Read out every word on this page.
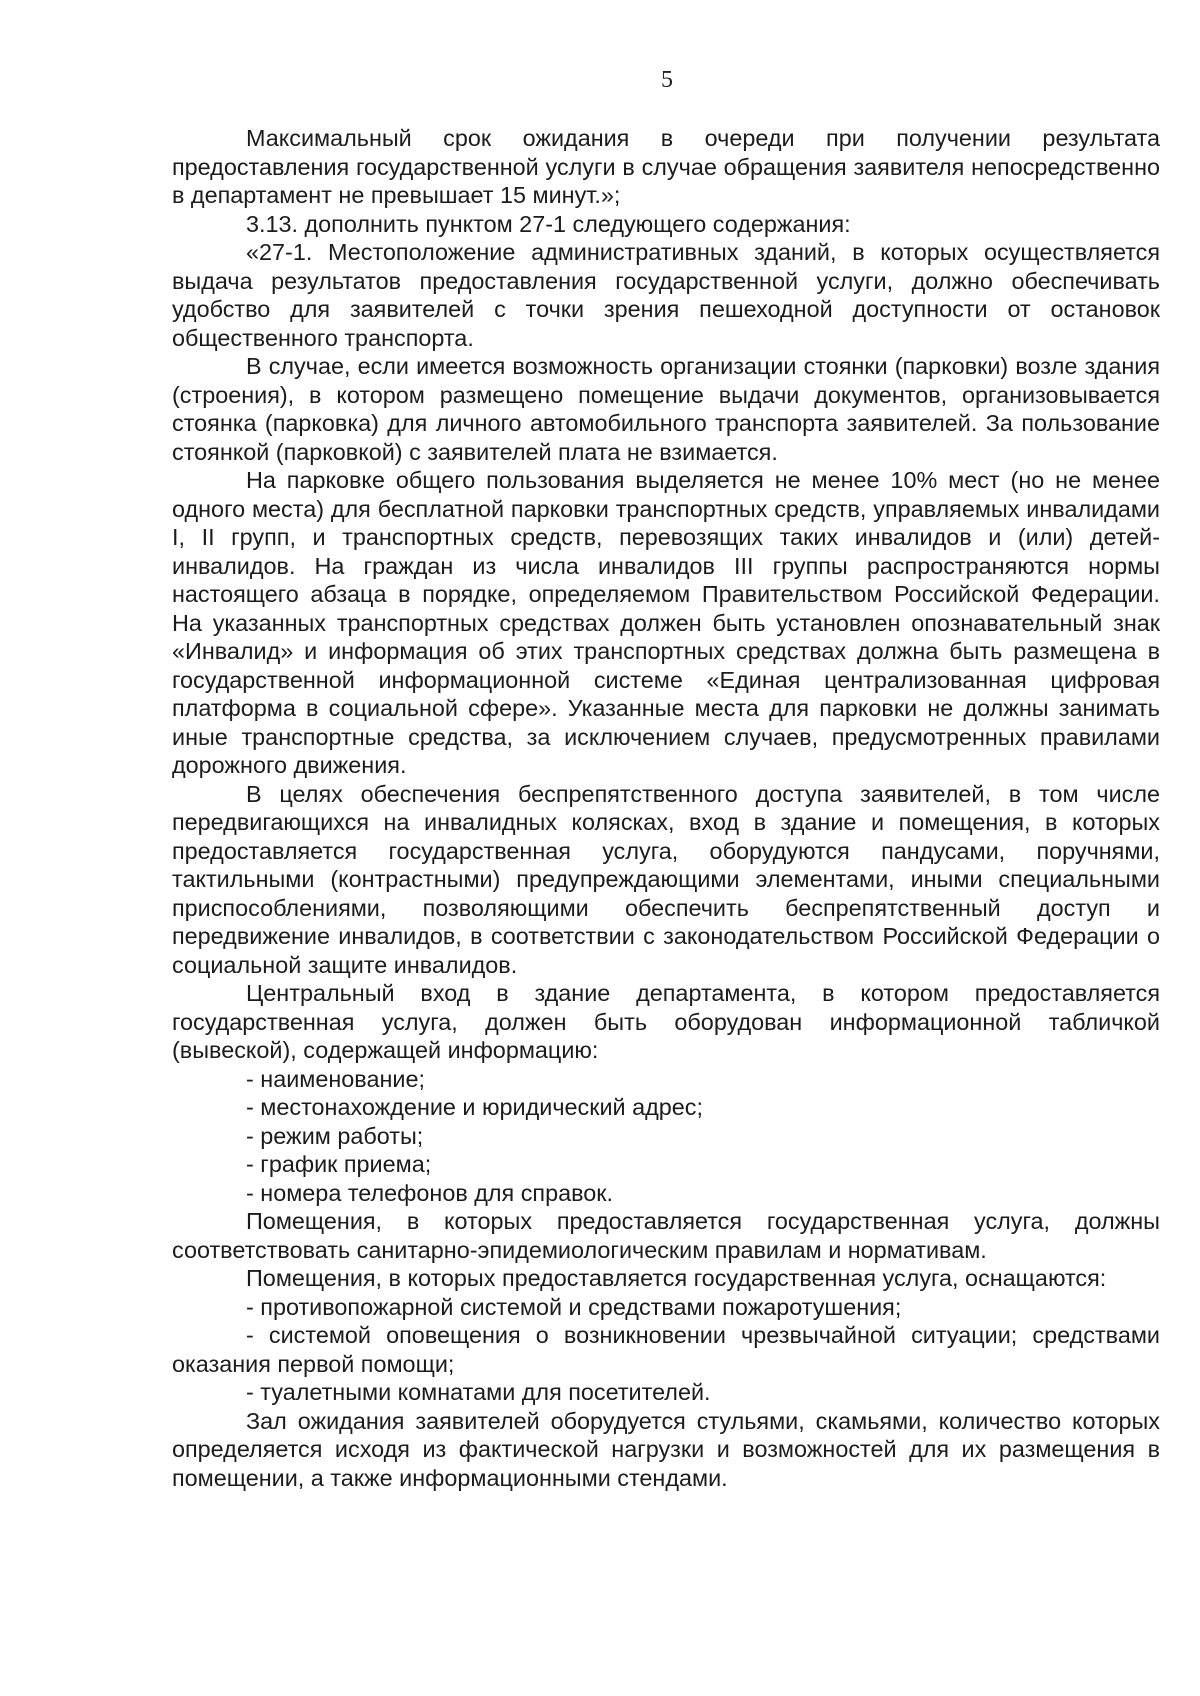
5

Максимальный срок ожидания в очереди при получении результата предоставления государственной услуги в случае обращения заявителя непосредственно в департамент не превышает 15 минут.»;

3.13. дополнить пунктом 27-1 следующего содержания:

«27-1. Местоположение административных зданий, в которых осуществляется выдача результатов предоставления государственной услуги, должно обеспечивать удобство для заявителей с точки зрения пешеходной доступности от остановок общественного транспорта.

В случае, если имеется возможность организации стоянки (парковки) возле здания (строения), в котором размещено помещение выдачи документов, организовывается стоянка (парковка) для личного автомобильного транспорта заявителей. За пользование стоянкой (парковкой) с заявителей плата не взимается.

На парковке общего пользования выделяется не менее 10% мест (но не менее одного места) для бесплатной парковки транспортных средств, управляемых инвалидами I, II групп, и транспортных средств, перевозящих таких инвалидов и (или) детей-инвалидов. На граждан из числа инвалидов III группы распространяются нормы настоящего абзаца в порядке, определяемом Правительством Российской Федерации. На указанных транспортных средствах должен быть установлен опознавательный знак «Инвалид» и информация об этих транспортных средствах должна быть размещена в государственной информационной системе «Единая централизованная цифровая платформа в социальной сфере». Указанные места для парковки не должны занимать иные транспортные средства, за исключением случаев, предусмотренных правилами дорожного движения.

В целях обеспечения беспрепятственного доступа заявителей, в том числе передвигающихся на инвалидных колясках, вход в здание и помещения, в которых предоставляется государственная услуга, оборудуются пандусами, поручнями, тактильными (контрастными) предупреждающими элементами, иными специальными приспособлениями, позволяющими обеспечить беспрепятственный доступ и передвижение инвалидов, в соответствии с законодательством Российской Федерации о социальной защите инвалидов.

Центральный вход в здание департамента, в котором предоставляется государственная услуга, должен быть оборудован информационной табличкой (вывеской), содержащей информацию:

- наименование;

- местонахождение и юридический адрес;

- режим работы;

- график приема;

- номера телефонов для справок.

Помещения, в которых предоставляется государственная услуга, должны соответствовать санитарно-эпидемиологическим правилам и нормативам.

Помещения, в которых предоставляется государственная услуга, оснащаются:

- противопожарной системой и средствами пожаротушения;

- системой оповещения о возникновении чрезвычайной ситуации; средствами оказания первой помощи;

- туалетными комнатами для посетителей.

Зал ожидания заявителей оборудуется стульями, скамьями, количество которых определяется исходя из фактической нагрузки и возможностей для их размещения в помещении, а также информационными стендами.
